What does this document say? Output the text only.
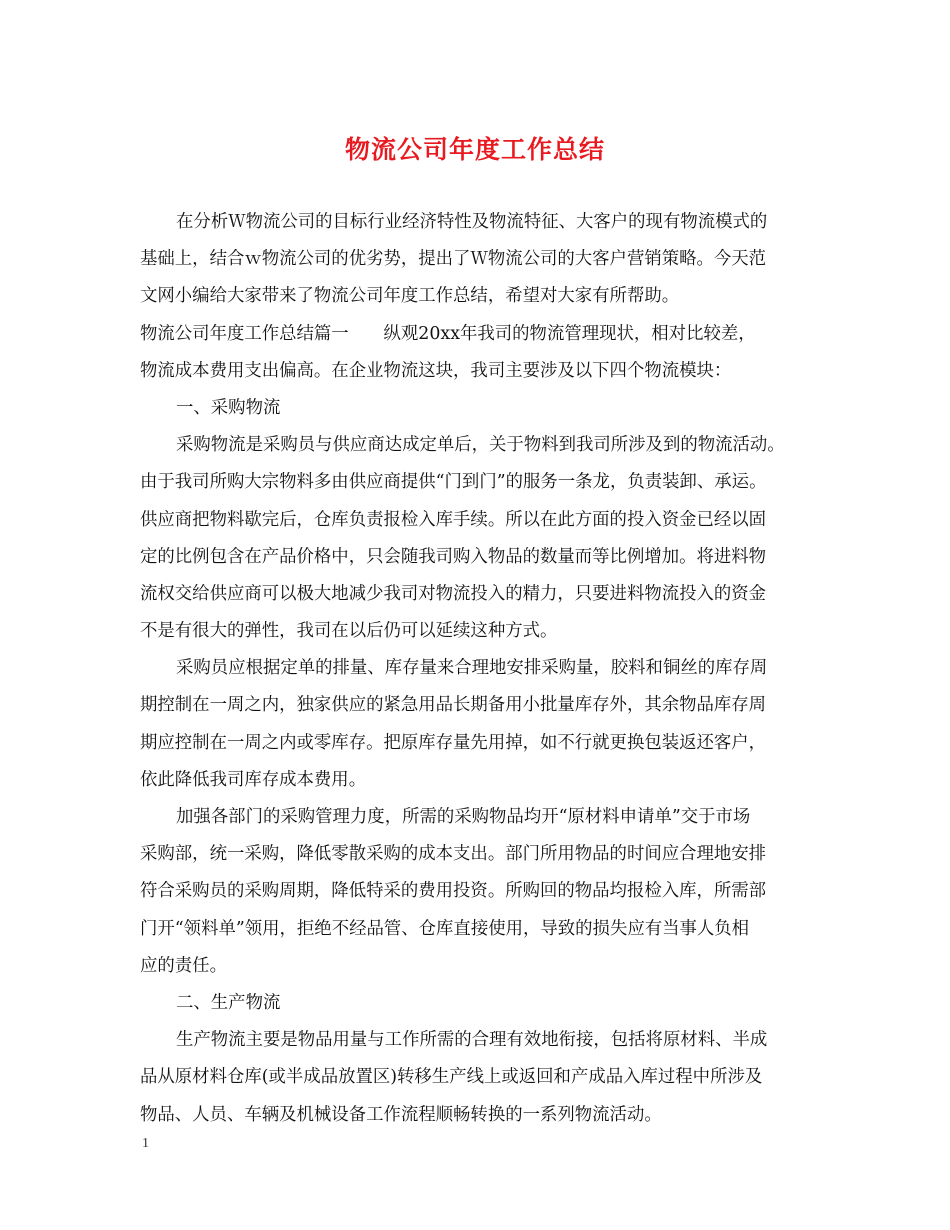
物流公司年度工作总结
在分析Ｗ物流公司的目标行业经济特性及物流特征、大客户的现有物流模式的
基础上，结合ｗ物流公司的优劣势，提出了Ｗ物流公司的大客户营销策略。今天范
文网小编给大家带来了物流公司年度工作总结，希望对大家有所帮助。
物流公司年度工作总结篇一　　纵观20xx年我司的物流管理现状，相对比较差，
物流成本费用支出偏高。在企业物流这块，我司主要涉及以下四个物流模块：
一、采购物流
采购物流是采购员与供应商达成定单后，关于物料到我司所涉及到的物流活动。
由于我司所购大宗物料多由供应商提供“门到门”的服务一条龙，负责装卸、承运。
供应商把物料歇完后，仓库负责报检入库手续。所以在此方面的投入资金已经以固
定的比例包含在产品价格中，只会随我司购入物品的数量而等比例增加。将进料物
流权交给供应商可以极大地减少我司对物流投入的精力，只要进料物流投入的资金
不是有很大的弹性，我司在以后仍可以延续这种方式。
采购员应根据定单的排量、库存量来合理地安排采购量，胶料和铜丝的库存周
期控制在一周之内，独家供应的紧急用品长期备用小批量库存外，其余物品库存周
期应控制在一周之内或零库存。把原库存量先用掉，如不行就更换包装返还客户，
依此降低我司库存成本费用。
加强各部门的采购管理力度，所需的采购物品均开“原材料申请单”交于市场
采购部，统一采购，降低零散采购的成本支出。部门所用物品的时间应合理地安排
符合采购员的采购周期，降低特采的费用投资。所购回的物品均报检入库，所需部
门开“领料单”领用，拒绝不经品管、仓库直接使用，导致的损失应有当事人负相
应的责任。
二、生产物流
生产物流主要是物品用量与工作所需的合理有效地衔接，包括将原材料、半成
品从原材料仓库(或半成品放置区)转移生产线上或返回和产成品入库过程中所涉及
物品、人员、车辆及机械设备工作流程顺畅转换的一系列物流活动。
1
